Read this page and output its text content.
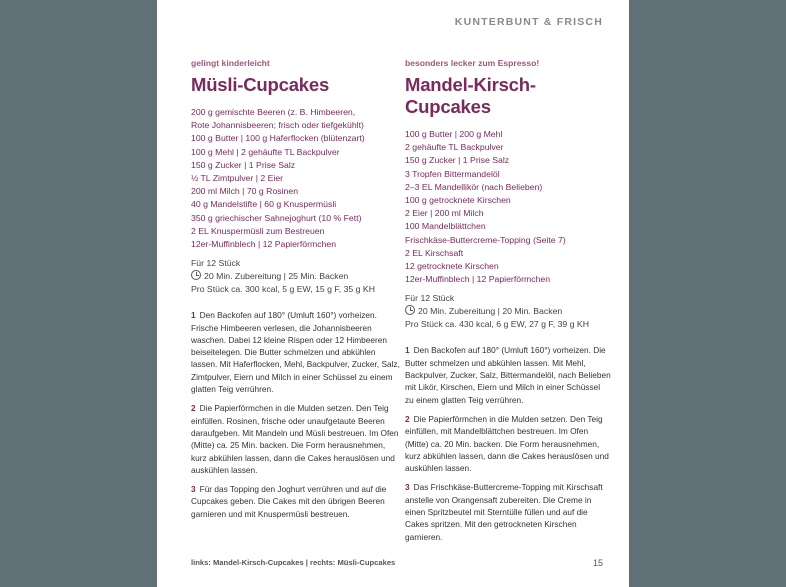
KUNTERBUNT & FRISCH
gelingt kinderleicht
Müsli-Cupcakes
200 g gemischte Beeren (z. B. Himbeeren,
Rote Johannisbeeren; frisch oder tiefgekühlt)
100 g Butter | 100 g Haferflocken (blütenzart)
100 g Mehl | 2 gehäufte TL Backpulver
150 g Zucker | 1 Prise Salz
½ TL Zimtpulver | 2 Eier
200 ml Milch | 70 g Rosinen
40 g Mandelstifte | 60 g Knuspermüsli
350 g griechischer Sahnejoghurt (10 % Fett)
2 EL Knuspermüsli zum Bestreuen
12er-Muffinblech | 12 Papierförmchen
Für 12 Stück
20 Min. Zubereitung | 25 Min. Backen
Pro Stück ca. 300 kcal, 5 g EW, 15 g F, 35 g KH

1 Den Backofen auf 180° (Umluft 160°) vorheizen. Frische Himbeeren verlesen, die Johannisbeeren waschen. Dabei 12 kleine Rispen oder 12 Himbeeren beiseitelegen. Die Butter schmelzen und abkühlen lassen. Mit Haferflocken, Mehl, Backpulver, Zucker, Salz, Zimtpulver, Eiern und Milch in einer Schüssel zu einem glatten Teig verrühren.

2 Die Papierförmchen in die Mulden setzen. Den Teig einfüllen. Rosinen, frische oder unaufgetaute Beeren daraufgeben. Mit Mandeln und Müsli bestreuen. Im Ofen (Mitte) ca. 25 Min. backen. Die Form herausnehmen, kurz abkühlen lassen, dann die Cakes herauslösen und auskühlen lassen.

3 Für das Topping den Joghurt verrühren und auf die Cupcakes geben. Die Cakes mit den übrigen Beeren garnieren und mit Knuspermüsli bestreuen.

besonders lecker zum Espresso!
Mandel-Kirsch-Cupcakes
100 g Butter | 200 g Mehl
2 gehäufte TL Backpulver
150 g Zucker | 1 Prise Salz
3 Tropfen Bittermandelöl
2–3 EL Mandellikör (nach Belieben)
100 g getrocknete Kirschen
2 Eier | 200 ml Milch
100 Mandelblättchen
Frischkäse-Buttercreme-Topping (Seite 7)
2 EL Kirschsaft
12 getrocknete Kirschen
12er-Muffinblech | 12 Papierförmchen
Für 12 Stück
20 Min. Zubereitung | 20 Min. Backen
Pro Stück ca. 430 kcal, 6 g EW, 27 g F, 39 g KH

1 Den Backofen auf 180° (Umluft 160°) vorheizen. Die Butter schmelzen und abkühlen lassen. Mit Mehl, Backpulver, Zucker, Salz, Bittermandelöl, nach Belieben mit Likör, Kirschen, Eiern und Milch in einer Schüssel zu einem glatten Teig verrühren.

2 Die Papierförmchen in die Mulden setzen. Den Teig einfüllen, mit Mandelblättchen bestreuen. Im Ofen (Mitte) ca. 20 Min. backen. Die Form herausnehmen, kurz abkühlen lassen, dann die Cakes herauslösen und auskühlen lassen.

3 Das Frischkäse-Buttercreme-Topping mit Kirschsaft anstelle von Orangensaft zubereiten. Die Creme in einen Spritzbeutel mit Sterntülle füllen und auf die Cakes spritzen. Mit den getrockneten Kirschen garnieren.

links: Mandel-Kirsch-Cupcakes | rechts: Müsli-Cupcakes	15
